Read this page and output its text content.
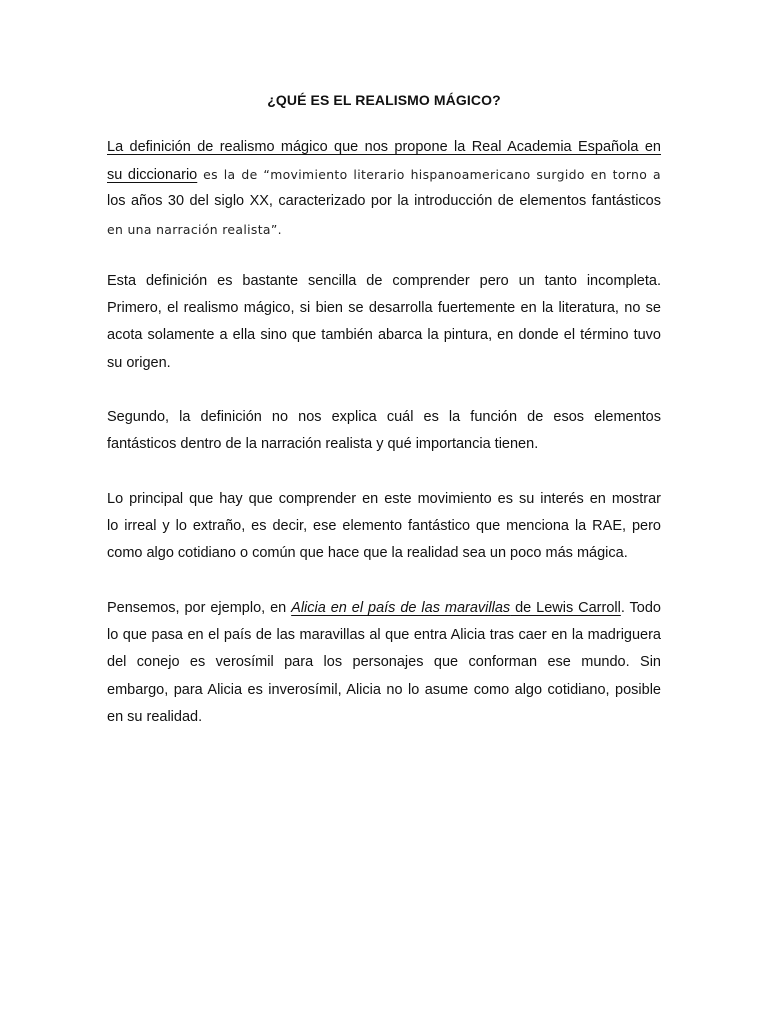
¿QUÉ ES EL REALISMO MÁGICO?
La definición de realismo mágico que nos propone la Real Academia Española en
su diccionario es la de “movimiento literario hispanoamericano surgido en torno a
los años 30 del siglo XX, caracterizado por la introducción de elementos fantásticos
en una narración realista”.
Esta definición es bastante sencilla de comprender pero un tanto incompleta.
Primero, el realismo mágico, si bien se desarrolla fuertemente en la literatura, no se
acota solamente a ella sino que también abarca la pintura, en donde el término tuvo
su origen.
Segundo, la definición no nos explica cuál es la función de esos elementos
fantásticos dentro de la narración realista y qué importancia tienen.
Lo principal que hay que comprender en este movimiento es su interés en mostrar
lo irreal y lo extraño, es decir, ese elemento fantástico que menciona la RAE, pero
como algo cotidiano o común que hace que la realidad sea un poco más mágica.
Pensemos, por ejemplo, en Alicia en el país de las maravillas de Lewis Carroll. Todo
lo que pasa en el país de las maravillas al que entra Alicia tras caer en la madriguera
del conejo es verosímil para los personajes que conforman ese mundo. Sin
embargo, para Alicia es inverosímil, Alicia no lo asume como algo cotidiano, posible
en su realidad.
